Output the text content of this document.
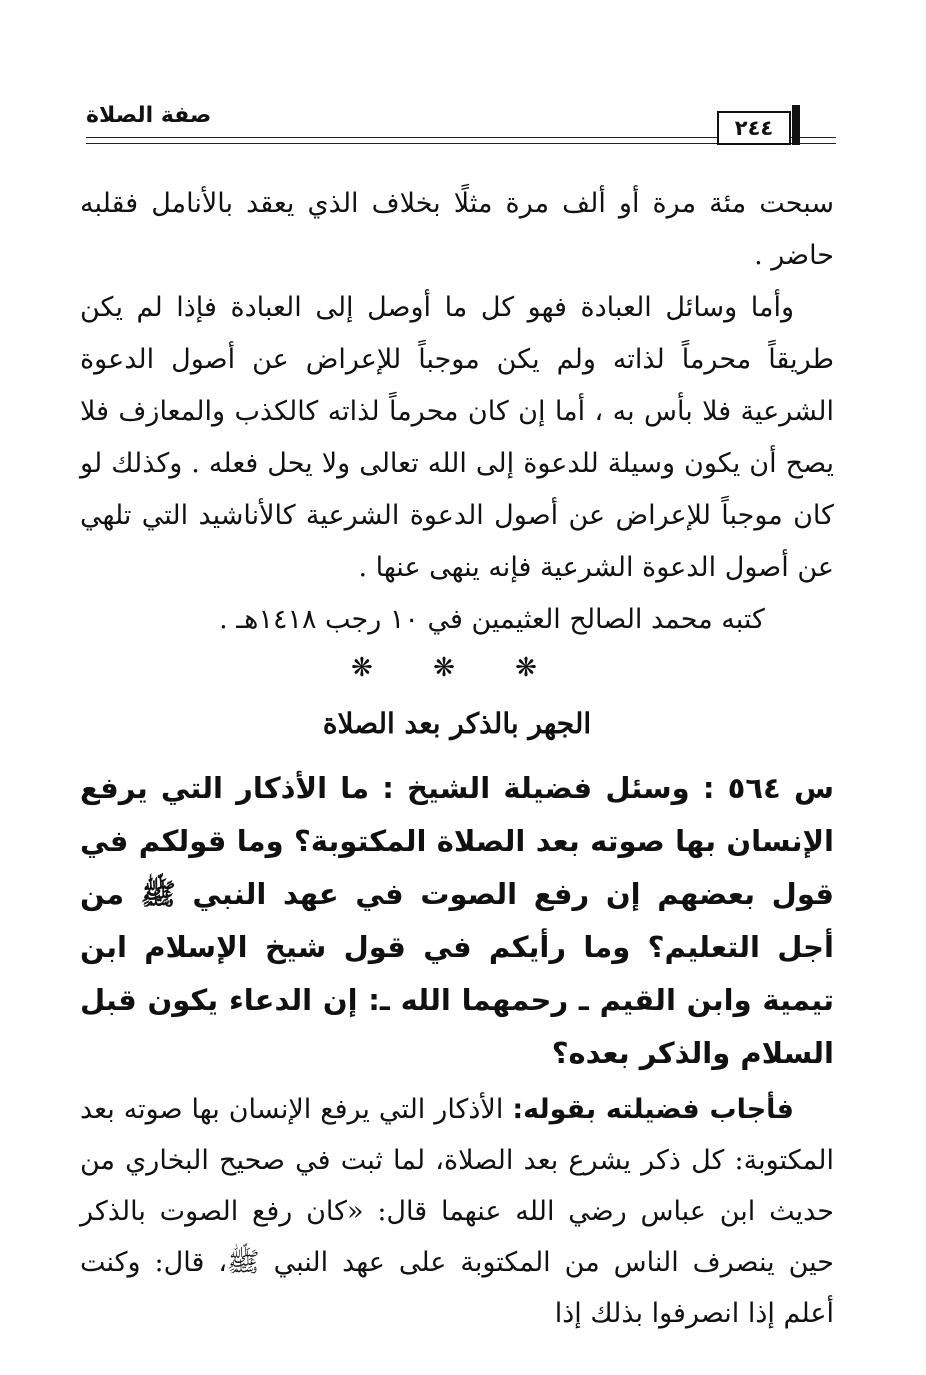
صفة الصلاة	٢٤٤

سبحت مئة مرة أو ألف مرة مثلًا بخلاف الذي يعقد بالأنامل فقلبه حاضر .

وأما وسائل العبادة فهو كل ما أوصل إلى العبادة فإذا لم يكن طريقاً محرماً لذاته ولم يكن موجباً للإعراض عن أصول الدعوة الشرعية فلا بأس به ، أما إن كان محرماً لذاته كالكذب والمعازف فلا يصح أن يكون وسيلة للدعوة إلى الله تعالى ولا يحل فعله . وكذلك لو كان موجباً للإعراض عن أصول الدعوة الشرعية كالأناشيد التي تلهي عن أصول الدعوة الشرعية فإنه ينهى عنها .

كتبه محمد الصالح العثيمين في ١٠ رجب ١٤١٨هـ .

❋ ❋ ❋

الجهر بالذكر بعد الصلاة

س ٥٦٤ : وسئل فضيلة الشيخ : ما الأذكار التي يرفع الإنسان بها صوته بعد الصلاة المكتوبة؟ وما قولكم في قول بعضهم إن رفع الصوت في عهد النبي ﷺ من أجل التعليم؟ وما رأيكم في قول شيخ الإسلام ابن تيمية وابن القيم ـ رحمهما الله ـ: إن الدعاء يكون قبل السلام والذكر بعده؟

فأجاب فضيلته بقوله: الأذكار التي يرفع الإنسان بها صوته بعد المكتوبة: كل ذكر يشرع بعد الصلاة، لما ثبت في صحيح البخاري من حديث ابن عباس رضي الله عنهما قال: «كان رفع الصوت بالذكر حين ينصرف الناس من المكتوبة على عهد النبي ﷺ، قال: وكنت أعلم إذا انصرفوا بذلك إذا
